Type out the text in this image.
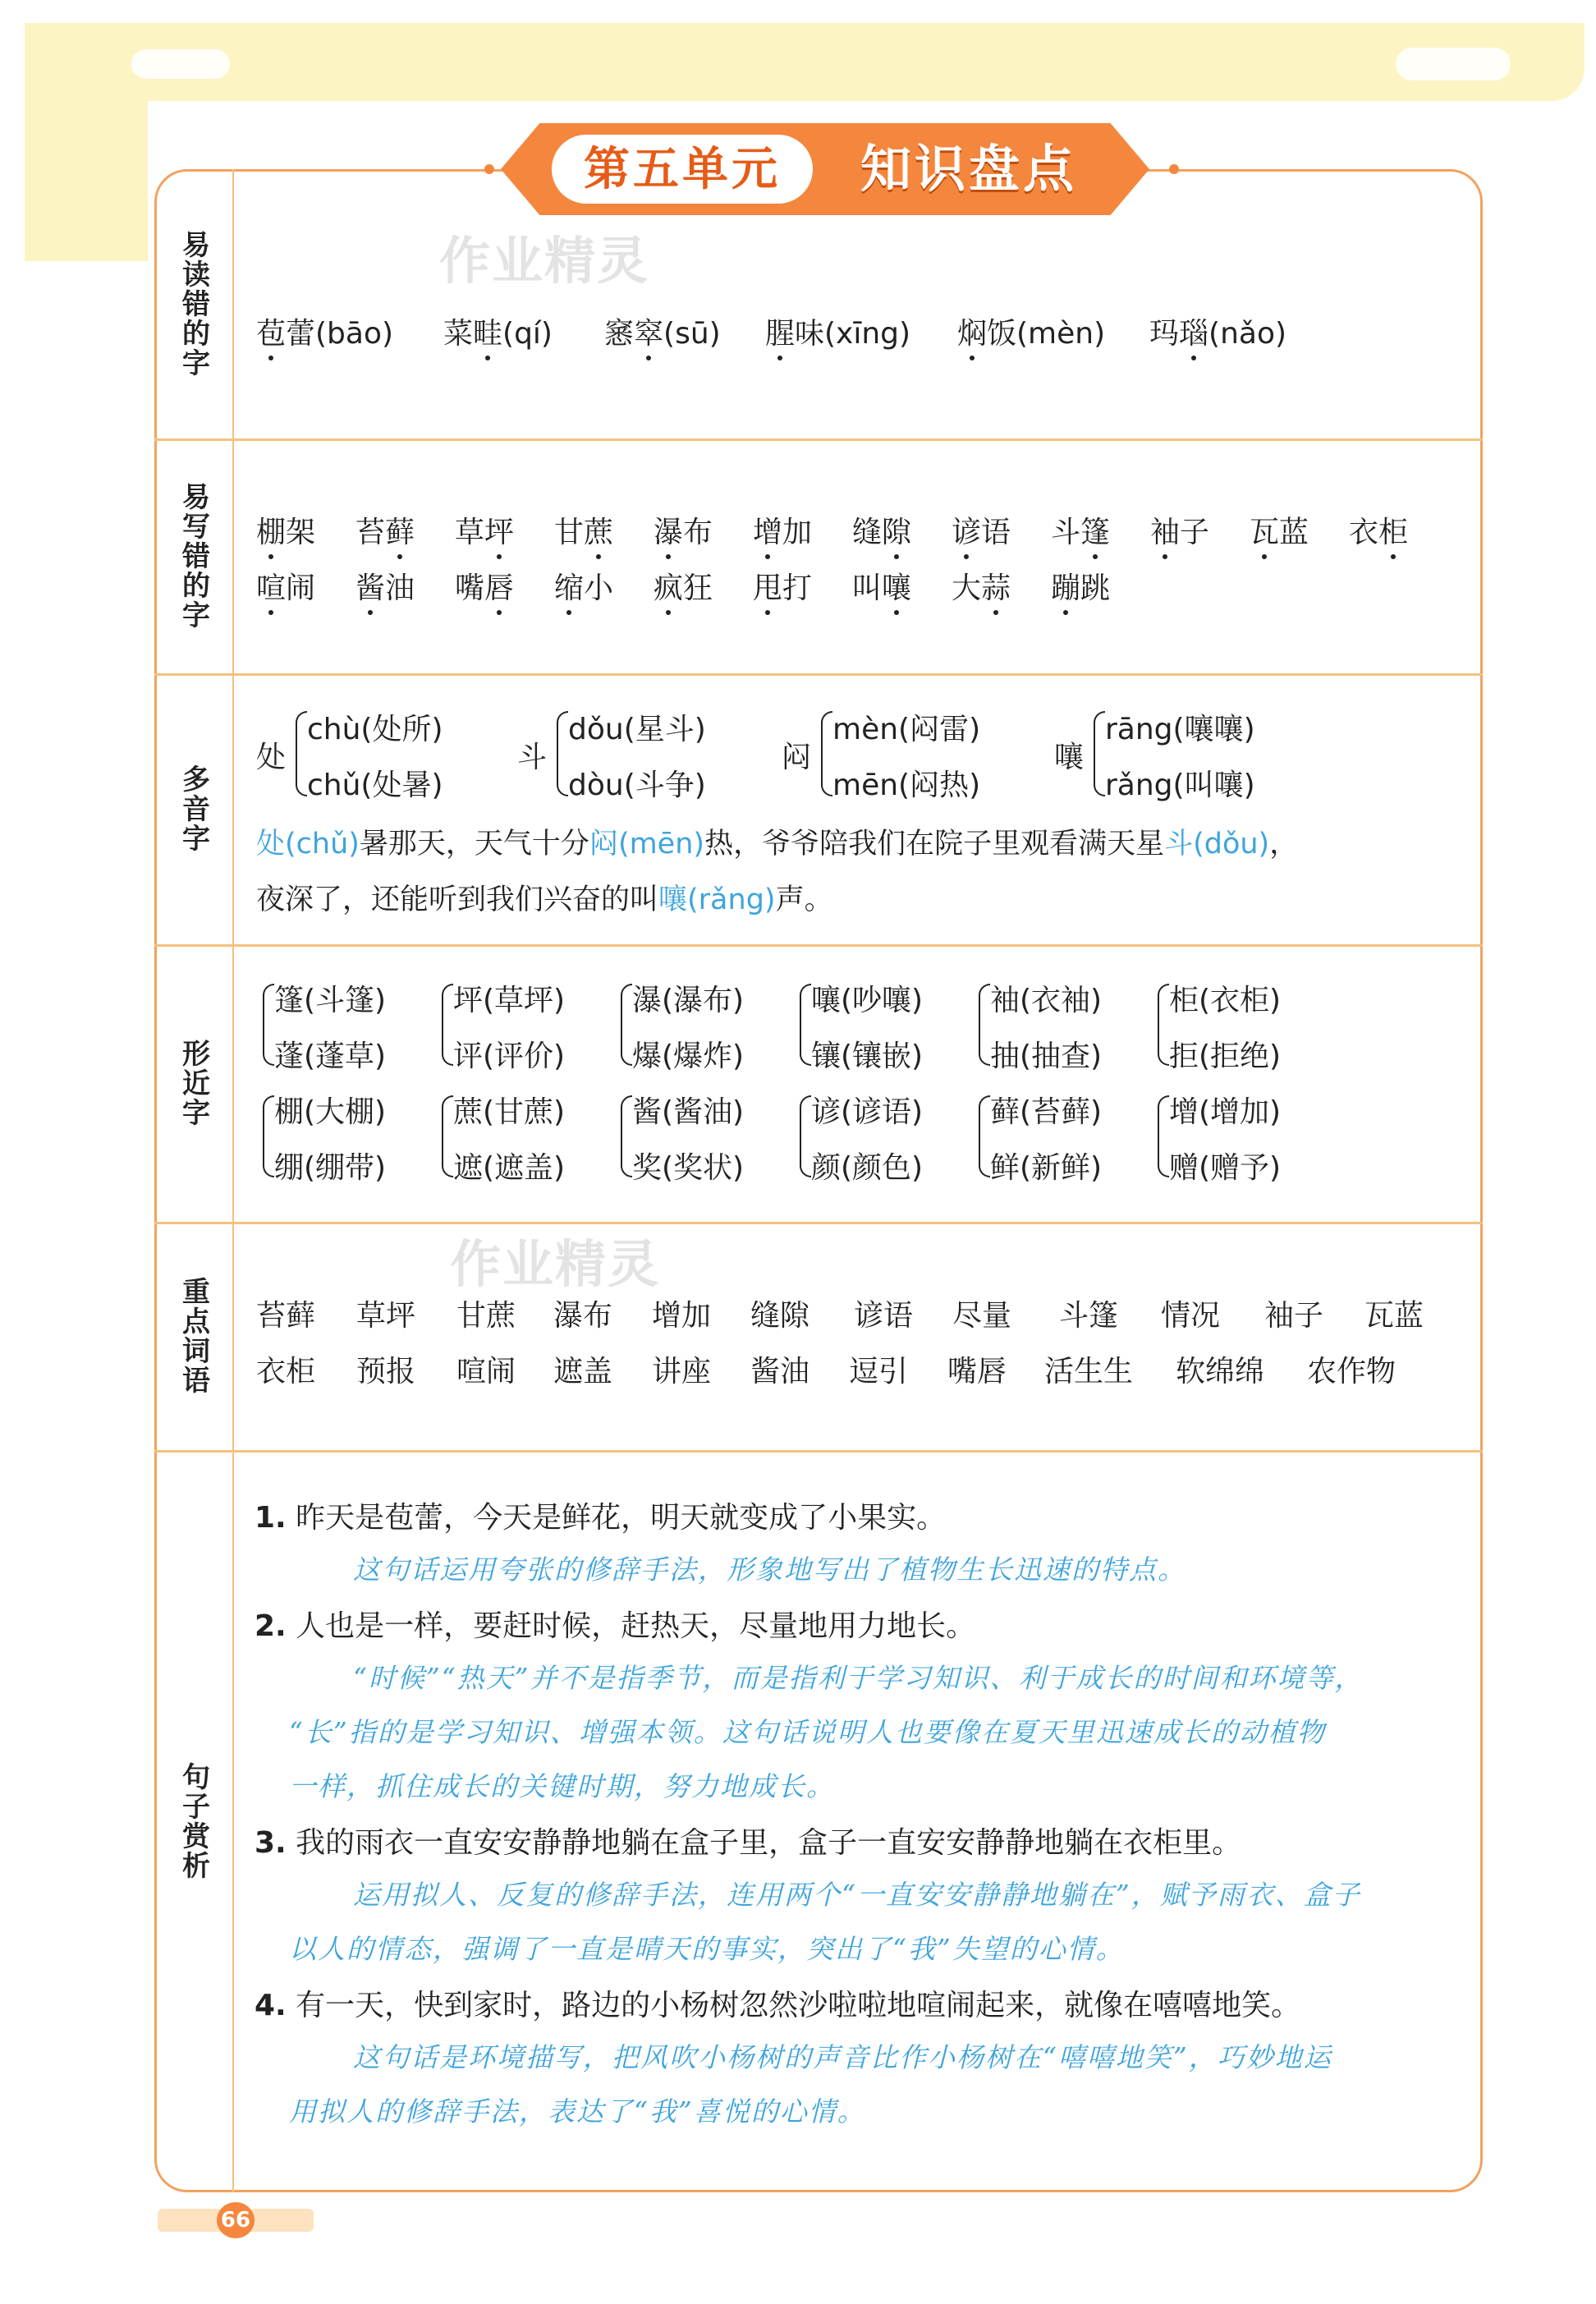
第五单元	知识盘点
作业精灵
作业精灵
易读错的字 苞蕾(bāo) 菜畦(qí) 窸窣(sū) 腥味(xīng) 焖饭(mèn) 玛瑙(nǎo)
易写错的字 棚架 苔藓 草坪 甘蔗 瀑布 增加 缝隙 谚语 斗篷 袖子 瓦蓝 衣柜
喧闹 酱油 嘴唇 缩小 疯狂 甩打 叫嚷 大蒜 蹦跳
多音字
处
chù(处所)
chǔ(处暑)
斗
dǒu(星斗)
dòu(斗争)
闷
mèn(闷雷)
mēn(闷热)
嚷
rāng(嚷嚷)
rǎng(叫嚷)
处(chǔ)暑那天，天气十分闷(mēn)热，爷爷陪我们在院子里观看满天星斗(dǒu)，
夜深了，还能听到我们兴奋的叫嚷(rǎng)声。
形近字
篷(斗篷)
蓬(蓬草)
坪(草坪)
评(评价)
瀑(瀑布)
爆(爆炸)
嚷(吵嚷)
镶(镶嵌)
袖(衣袖)
抽(抽查)
柜(衣柜)
拒(拒绝)
棚(大棚)
绷(绷带)
蔗(甘蔗)
遮(遮盖)
酱(酱油)
奖(奖状)
谚(谚语)
颜(颜色)
藓(苔藓)
鲜(新鲜)
增(增加)
赠(赠予)
重点词语 苔藓 草坪 甘蔗 瀑布 增加 缝隙 谚语 尽量 斗篷 情况 袖子 瓦蓝
衣柜 预报 喧闹 遮盖 讲座 酱油 逗引 嘴唇 活生生 软绵绵 农作物
句子赏析
1. 昨天是苞蕾，今天是鲜花，明天就变成了小果实。
这句话运用夸张的修辞手法，形象地写出了植物生长迅速的特点。
2. 人也是一样，要赶时候，赶热天，尽量地用力地长。
“时候”“热天”并不是指季节，而是指利于学习知识、利于成长的时间和环境等，
“长”指的是学习知识、增强本领。这句话说明人也要像在夏天里迅速成长的动植物
一样，抓住成长的关键时期，努力地成长。
3. 我的雨衣一直安安静静地躺在盒子里，盒子一直安安静静地躺在衣柜里。
运用拟人、反复的修辞手法，连用两个“一直安安静静地躺在”，赋予雨衣、盒子
以人的情态，强调了一直是晴天的事实，突出了“我”失望的心情。
4. 有一天，快到家时，路边的小杨树忽然沙啦啦地喧闹起来，就像在嘻嘻地笑。
这句话是环境描写，把风吹小杨树的声音比作小杨树在“嘻嘻地笑”，巧妙地运
用拟人的修辞手法，表达了“我”喜悦的心情。
66
